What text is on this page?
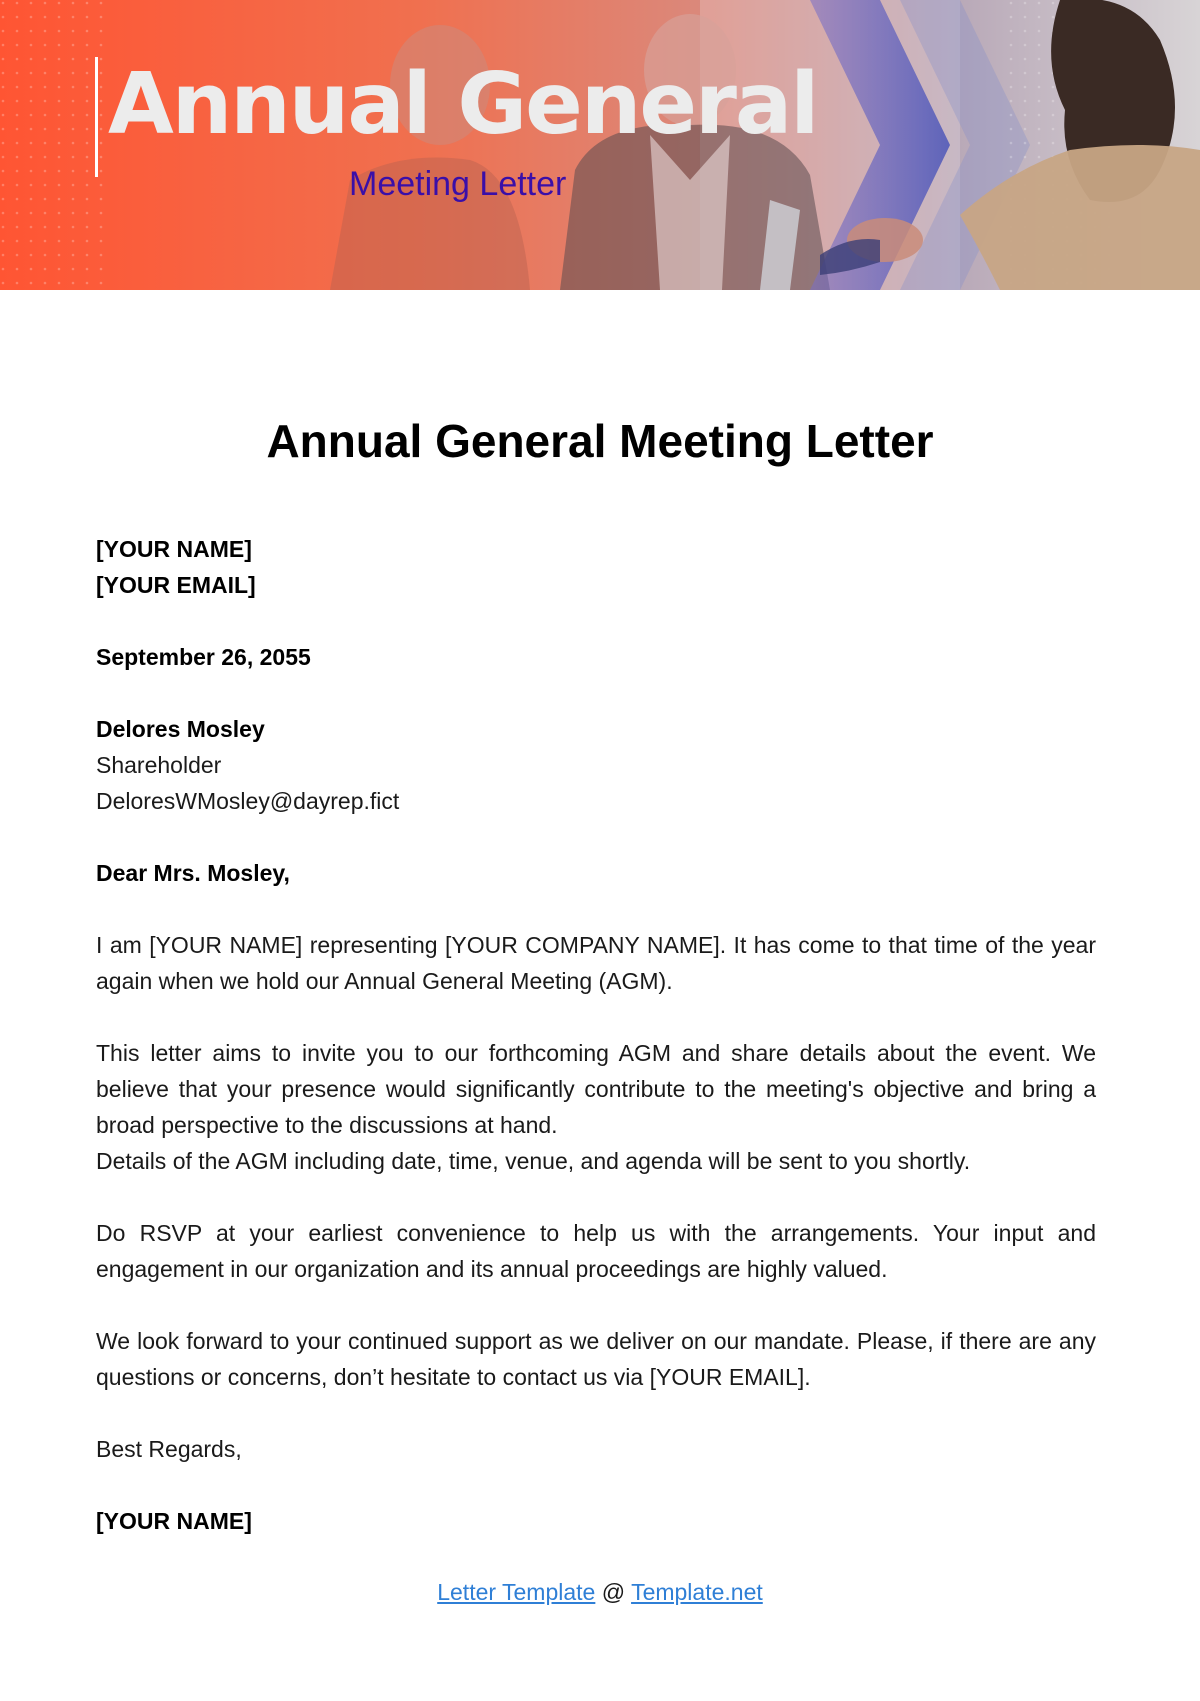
Annual General
Meeting Letter
Annual General Meeting Letter

[YOUR NAME]

[YOUR EMAIL]

September 26, 2055

Delores Mosley

Shareholder

DeloresWMosley@dayrep.fict

Dear Mrs. Mosley,

I am [YOUR NAME] representing [YOUR COMPANY NAME]. It has come to that time of the year again when we hold our Annual General Meeting (AGM).

This letter aims to invite you to our forthcoming AGM and share details about the event. We believe that your presence would significantly contribute to the meeting's objective and bring a broad perspective to the discussions at hand.

Details of the AGM including date, time, venue, and agenda will be sent to you shortly.

Do RSVP at your earliest convenience to help us with the arrangements. Your input and engagement in our organization and its annual proceedings are highly valued.

We look forward to your continued support as we deliver on our mandate. Please, if there are any questions or concerns, don’t hesitate to contact us via [YOUR EMAIL].

Best Regards,

[YOUR NAME]

Letter Template @ Template.net
